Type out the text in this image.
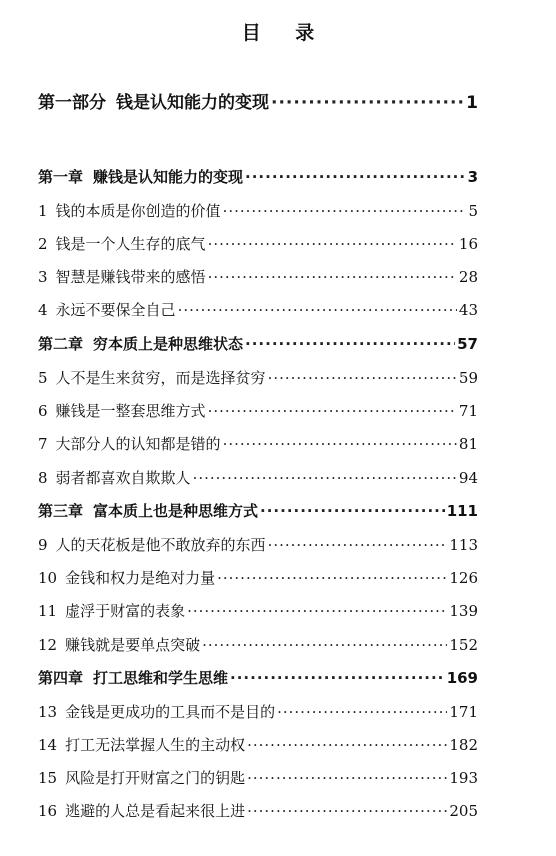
目 录
第一部分 钱是认知能力的变现 ·····	1
第一章 赚钱是认知能力的变现 ·····	3
1 钱的本质是你创造的价值 ·····	5
2 钱是一个人生存的底气 ·····	16
3 智慧是赚钱带来的感悟 ·····	28
4 永远不要保全自己 ·····	43
第二章 穷本质上是种思维状态 ·····	57
5 人不是生来贫穷，而是选择贫穷 ·····	59
6 赚钱是一整套思维方式 ·····	71
7 大部分人的认知都是错的 ·····	81
8 弱者都喜欢自欺欺人 ·····	94
第三章 富本质上也是种思维方式 ·····	111
9 人的天花板是他不敢放弃的东西 ·····	113
10 金钱和权力是绝对力量 ·····	126
11 虚浮于财富的表象 ·····	139
12 赚钱就是要单点突破 ·····	152
第四章 打工思维和学生思维 ·····	169
13 金钱是更成功的工具而不是目的 ·····	171
14 打工无法掌握人生的主动权 ·····	182
15 风险是打开财富之门的钥匙 ·····	193
16 逃避的人总是看起来很上进 ·····	205
